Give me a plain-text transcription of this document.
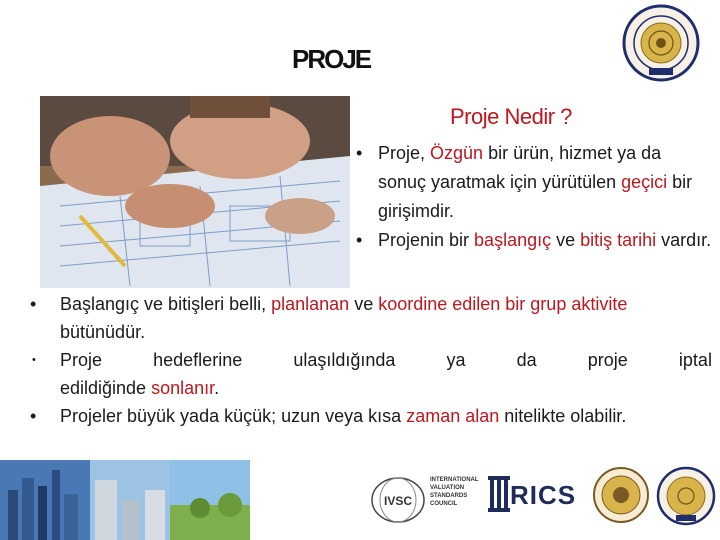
PROJE
Proje Nedir ?
• Proje, Özgün bir ürün, hizmet ya da sonuç yaratmak için yürütülen geçici bir girişimdir.
• Projenin bir başlangıç ve bitiş tarihi vardır.
• Başlangıç ve bitişleri belli, planlanan ve koordine edilen bir grup aktivite bütünüdür.
• Proje	hedeflerine	ulaşıldığında	ya	da	proje	iptal
edildiğinde sonlanır.
• Projeler büyük yada küçük; uzun veya kısa zaman alan nitelikte olabilir.
IVSC
INTERNATIONAL VALUATION STANDARDS COUNCIL	RICS
